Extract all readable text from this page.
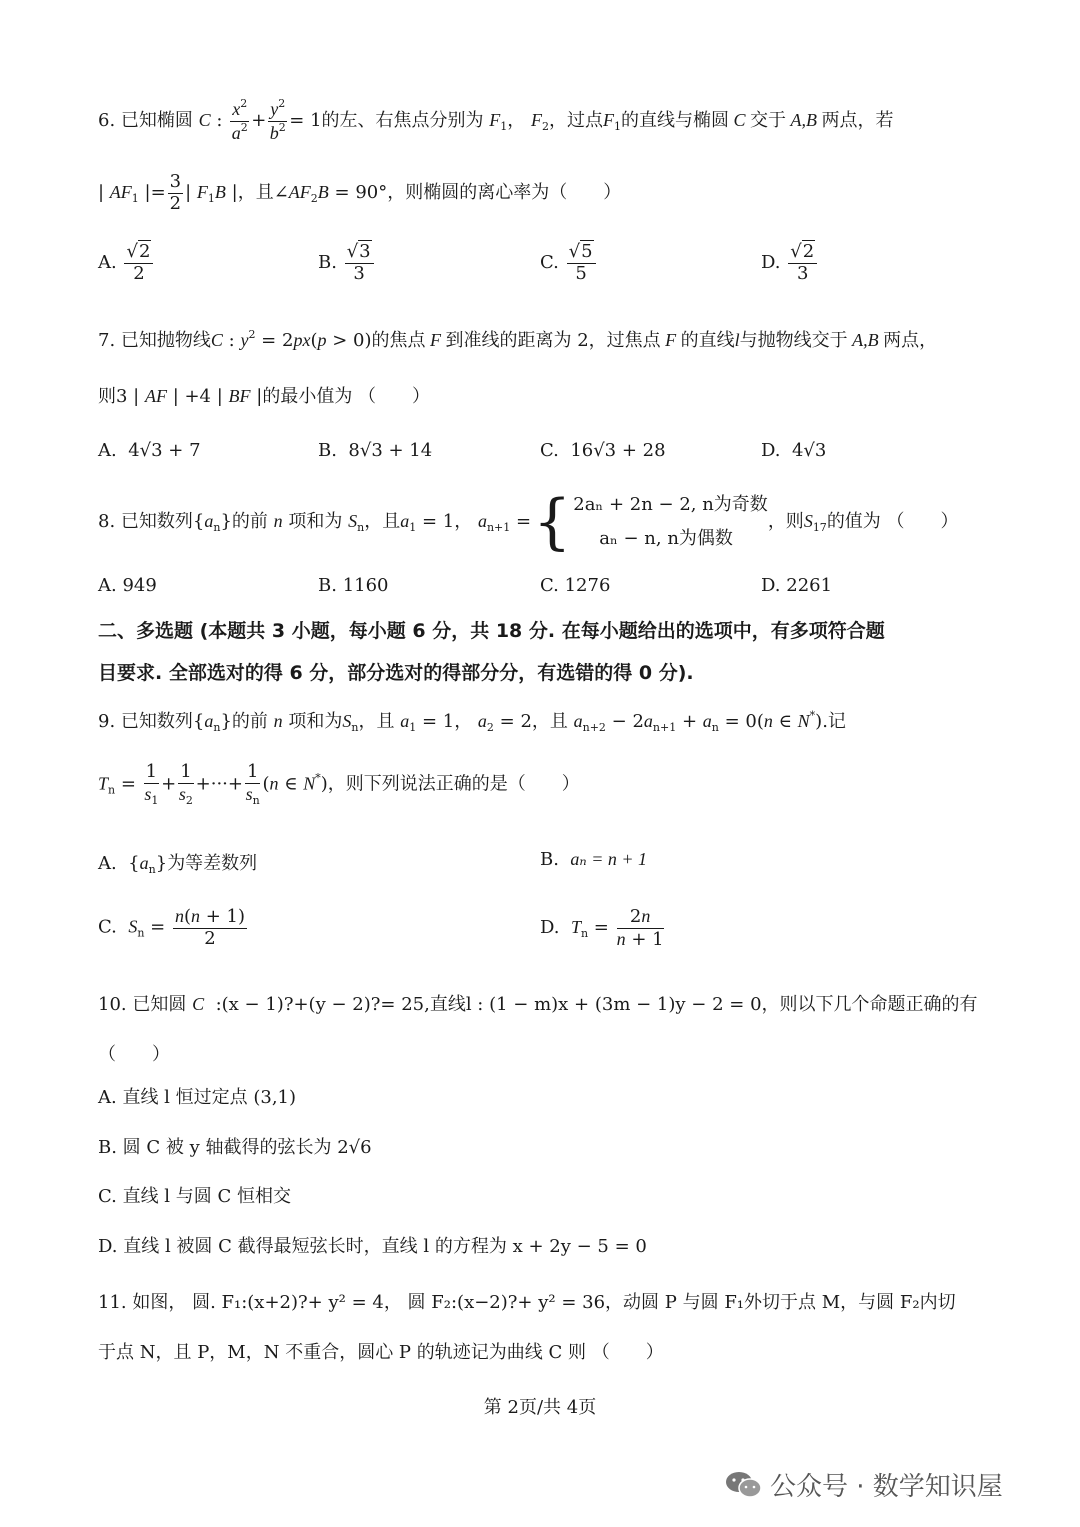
6. 已知椭圆 C : $\frac{x^2}{a^2} + \frac{y^2}{b^2} = 1$的左、右焦点分别为 $F_1$， $F_2$，过点$F_1$的直线与椭圆 C 交于 A,B 两点，若
| $AF_1$ |= $\frac{3}{2}$ | $F_1B$ |，且$\angle AF_2B = 90^\circ$，则椭圆的离心率为（　　）
A. $\frac{√2}{2}$	B. $\frac{√3}{3}$	C. $\frac{√5}{5}$	D. $\frac{√2}{3}$
7. 已知抛物线C : $y^2 = 2px(p > 0)$的焦点 F 到准线的距离为 2，过焦点 F 的直线l与抛物线交于 A,B 两点，
则3 | AF | +4 | BF |的最小值为 （　　）
A. 4√3 + 7	B. 8√3 + 14	C. 16√3 + 28	D. 4√3
8. 已知数列$\{a_n\}$的前 n 项和为 $S_n$，且$a_1 = 1$， $a_{n+1}$ ={ 2aₙ + 2n − 2, n为奇数
aₙ − n, n为偶数
，则$S_{17}$的值为 （　　）
A. 949	B. 1160	C. 1276	D. 2261
二、多选题 (本题共 3 小题，每小题 6 分，共 18 分. 在每小题给出的选项中，有多项符合题
目要求. 全部选对的得 6 分，部分选对的得部分分，有选错的得 0 分).
9. 已知数列$\{a_n\}$的前 n 项和为$S_n$，且 $a_1 = 1$， $a_2 = 2$，且 $a_{n+2} - 2a_{n+1} + a_n = 0(n$ ∈ N*).记
$T_n = \frac{1}{s_1} + \frac{1}{s_2}$ +···+ $\frac{1}{s_n} (n$ ∈ N*)，则下列说法正确的是（　　）
A.  $\{a_n\}$为等差数列	B. aₙ = n + 1
C. $S_n = \frac{n(n + 1)}{2}$	D. $T_n = \frac{2n}{n + 1}$
10. 已知圆 C :(x − 1)?+(y − 2)?= 25,直线l : (1 − m)x + (3m − 1)y − 2 = 0，则以下几个命题正确的有
（　　）
A. 直线 l 恒过定点 (3,1)
B. 圆 C 被 y 轴截得的弦长为 2√6
C. 直线 l 与圆 C 恒相交
D. 直线 l 被圆 C 截得最短弦长时，直线 l 的方程为 x + 2y − 5 = 0
11. 如图， 圆. F₁:(x+2)?+ y² = 4， 圆 F₂:(x−2)?+ y² = 36，动圆 P 与圆 F₁外切于点 M，与圆 F₂内切
于点 N，且 P，M，N 不重合，圆心 P 的轨迹记为曲线 C 则 （　　）
第 2页/共 4页
公众号 · 数学知识屋
